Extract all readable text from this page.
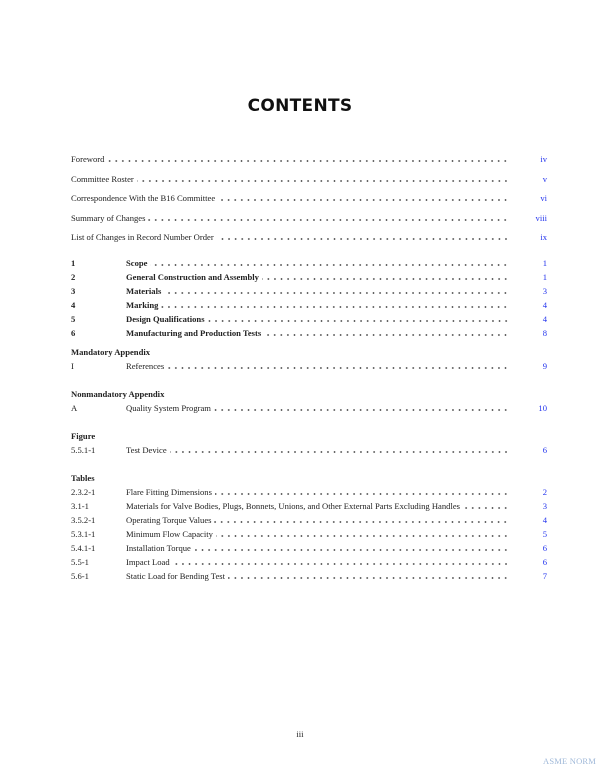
CONTENTS
Mandatory Appendix
Nonmandatory Appendix
Figure
Tables
Foreword	iv
Committee Roster	v
Correspondence With the B16 Committee	vi
Summary of Changes	viii
List of Changes in Record Number Order	ix
1	Scope	1
2	General Construction and Assembly	1
3	Materials	3
4	Marking	4
5	Design Qualifications	4
6	Manufacturing and Production Tests	8
I	References	9
A	Quality System Program	10
5.5.1-1	Test Device	6
2.3.2-1	Flare Fitting Dimensions	2
3.1-1	Materials for Valve Bodies, Plugs, Bonnets, Unions, and Other External Parts Excluding Handles	3
3.5.2-1	Operating Torque Values	4
5.3.1-1	Minimum Flow Capacity	5
5.4.1-1	Installation Torque	6
5.5-1	Impact Load	6
5.6-1	Static Load for Bending Test	7
iii
ASME NORM
